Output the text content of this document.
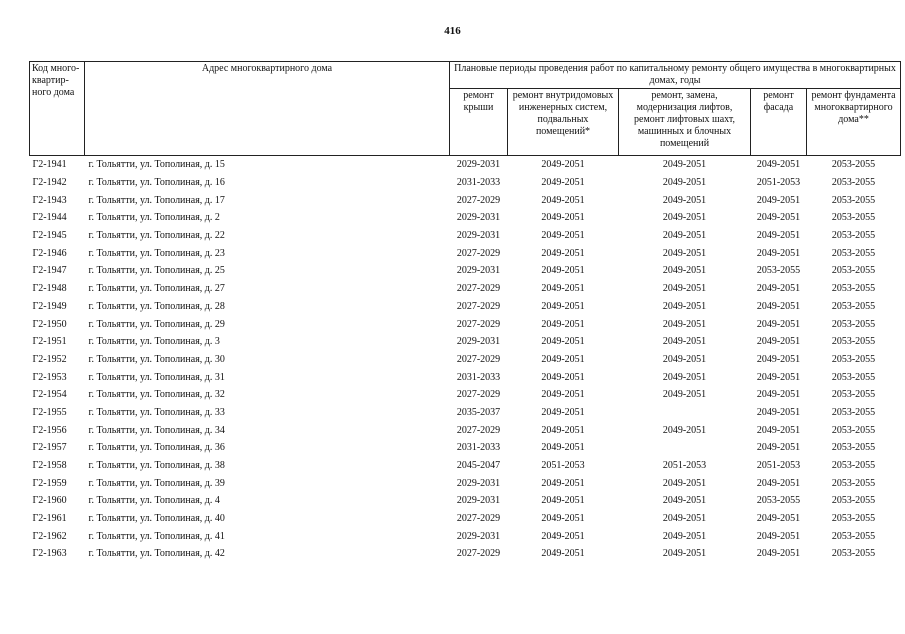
416
Код много-квартир-ного дома	Адрес многоквартирного дома	Плановые периоды проведения работ по капитальному ремонту общего имущества в многоквартирных домах, годы				
		ремонт крыши	ремонт внутридомовых инженерных систем, подвальных помещений*	ремонт, замена, модернизация лифтов, ремонт лифтовых шахт, машинных и блочных помещений	ремонт фасада	ремонт фундамента многоквартирного дома**
Г2-1941	г. Тольятти, ул. Тополиная, д. 15	2029-2031	2049-2051	2049-2051	2049-2051	2053-2055
Г2-1942	г. Тольятти, ул. Тополиная, д. 16	2031-2033	2049-2051	2049-2051	2051-2053	2053-2055
Г2-1943	г. Тольятти, ул. Тополиная, д. 17	2027-2029	2049-2051	2049-2051	2049-2051	2053-2055
Г2-1944	г. Тольятти, ул. Тополиная, д. 2	2029-2031	2049-2051	2049-2051	2049-2051	2053-2055
Г2-1945	г. Тольятти, ул. Тополиная, д. 22	2029-2031	2049-2051	2049-2051	2049-2051	2053-2055
Г2-1946	г. Тольятти, ул. Тополиная, д. 23	2027-2029	2049-2051	2049-2051	2049-2051	2053-2055
Г2-1947	г. Тольятти, ул. Тополиная, д. 25	2029-2031	2049-2051	2049-2051	2053-2055	2053-2055
Г2-1948	г. Тольятти, ул. Тополиная, д. 27	2027-2029	2049-2051	2049-2051	2049-2051	2053-2055
Г2-1949	г. Тольятти, ул. Тополиная, д. 28	2027-2029	2049-2051	2049-2051	2049-2051	2053-2055
Г2-1950	г. Тольятти, ул. Тополиная, д. 29	2027-2029	2049-2051	2049-2051	2049-2051	2053-2055
Г2-1951	г. Тольятти, ул. Тополиная, д. 3	2029-2031	2049-2051	2049-2051	2049-2051	2053-2055
Г2-1952	г. Тольятти, ул. Тополиная, д. 30	2027-2029	2049-2051	2049-2051	2049-2051	2053-2055
Г2-1953	г. Тольятти, ул. Тополиная, д. 31	2031-2033	2049-2051	2049-2051	2049-2051	2053-2055
Г2-1954	г. Тольятти, ул. Тополиная, д. 32	2027-2029	2049-2051	2049-2051	2049-2051	2053-2055
Г2-1955	г. Тольятти, ул. Тополиная, д. 33	2035-2037	2049-2051		2049-2051	2053-2055
Г2-1956	г. Тольятти, ул. Тополиная, д. 34	2027-2029	2049-2051	2049-2051	2049-2051	2053-2055
Г2-1957	г. Тольятти, ул. Тополиная, д. 36	2031-2033	2049-2051		2049-2051	2053-2055
Г2-1958	г. Тольятти, ул. Тополиная, д. 38	2045-2047	2051-2053	2051-2053	2051-2053	2053-2055
Г2-1959	г. Тольятти, ул. Тополиная, д. 39	2029-2031	2049-2051	2049-2051	2049-2051	2053-2055
Г2-1960	г. Тольятти, ул. Тополиная, д. 4	2029-2031	2049-2051	2049-2051	2053-2055	2053-2055
Г2-1961	г. Тольятти, ул. Тополиная, д. 40	2027-2029	2049-2051	2049-2051	2049-2051	2053-2055
Г2-1962	г. Тольятти, ул. Тополиная, д. 41	2029-2031	2049-2051	2049-2051	2049-2051	2053-2055
Г2-1963	г. Тольятти, ул. Тополиная, д. 42	2027-2029	2049-2051	2049-2051	2049-2051	2053-2055
